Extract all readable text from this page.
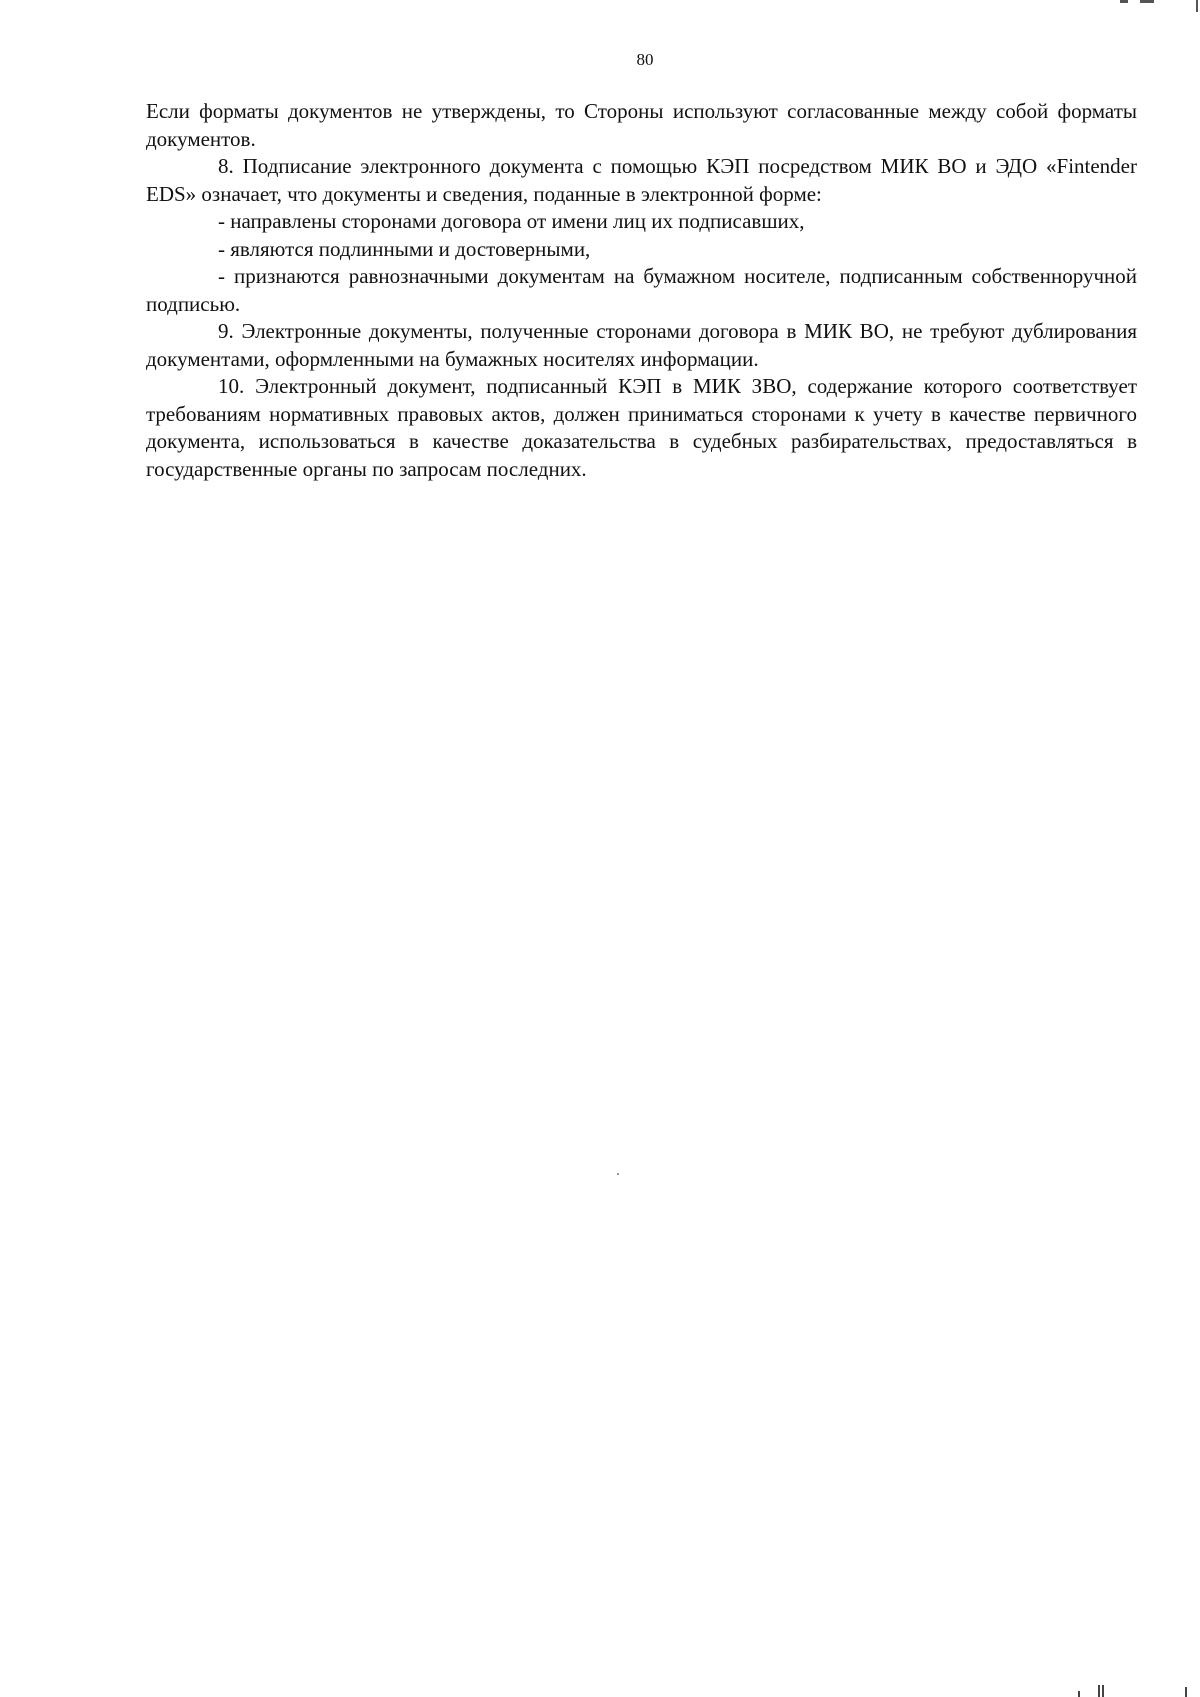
80

Если форматы документов не утверждены, то Стороны используют согласованные между собой форматы документов.

8. Подписание электронного документа с помощью КЭП посредством МИК ВО и ЭДО «Fintender EDS» означает, что документы и сведения, поданные в электронной форме:

- направлены сторонами договора от имени лиц их подписавших,

- являются подлинными и достоверными,

- признаются равнозначными документам на бумажном носителе, подписанным собственноручной подписью.

9. Электронные документы, полученные сторонами договора в МИК ВО, не требуют дублирования документами, оформленными на бумажных носителях информации.

10. Электронный документ, подписанный КЭП в МИК ЗВО, содержание которого соответствует требованиям нормативных правовых актов, должен приниматься сторонами к учету в качестве первичного документа, использоваться в качестве доказательства в судебных разбирательствах, предоставляться в государственные органы по запросам последних.
